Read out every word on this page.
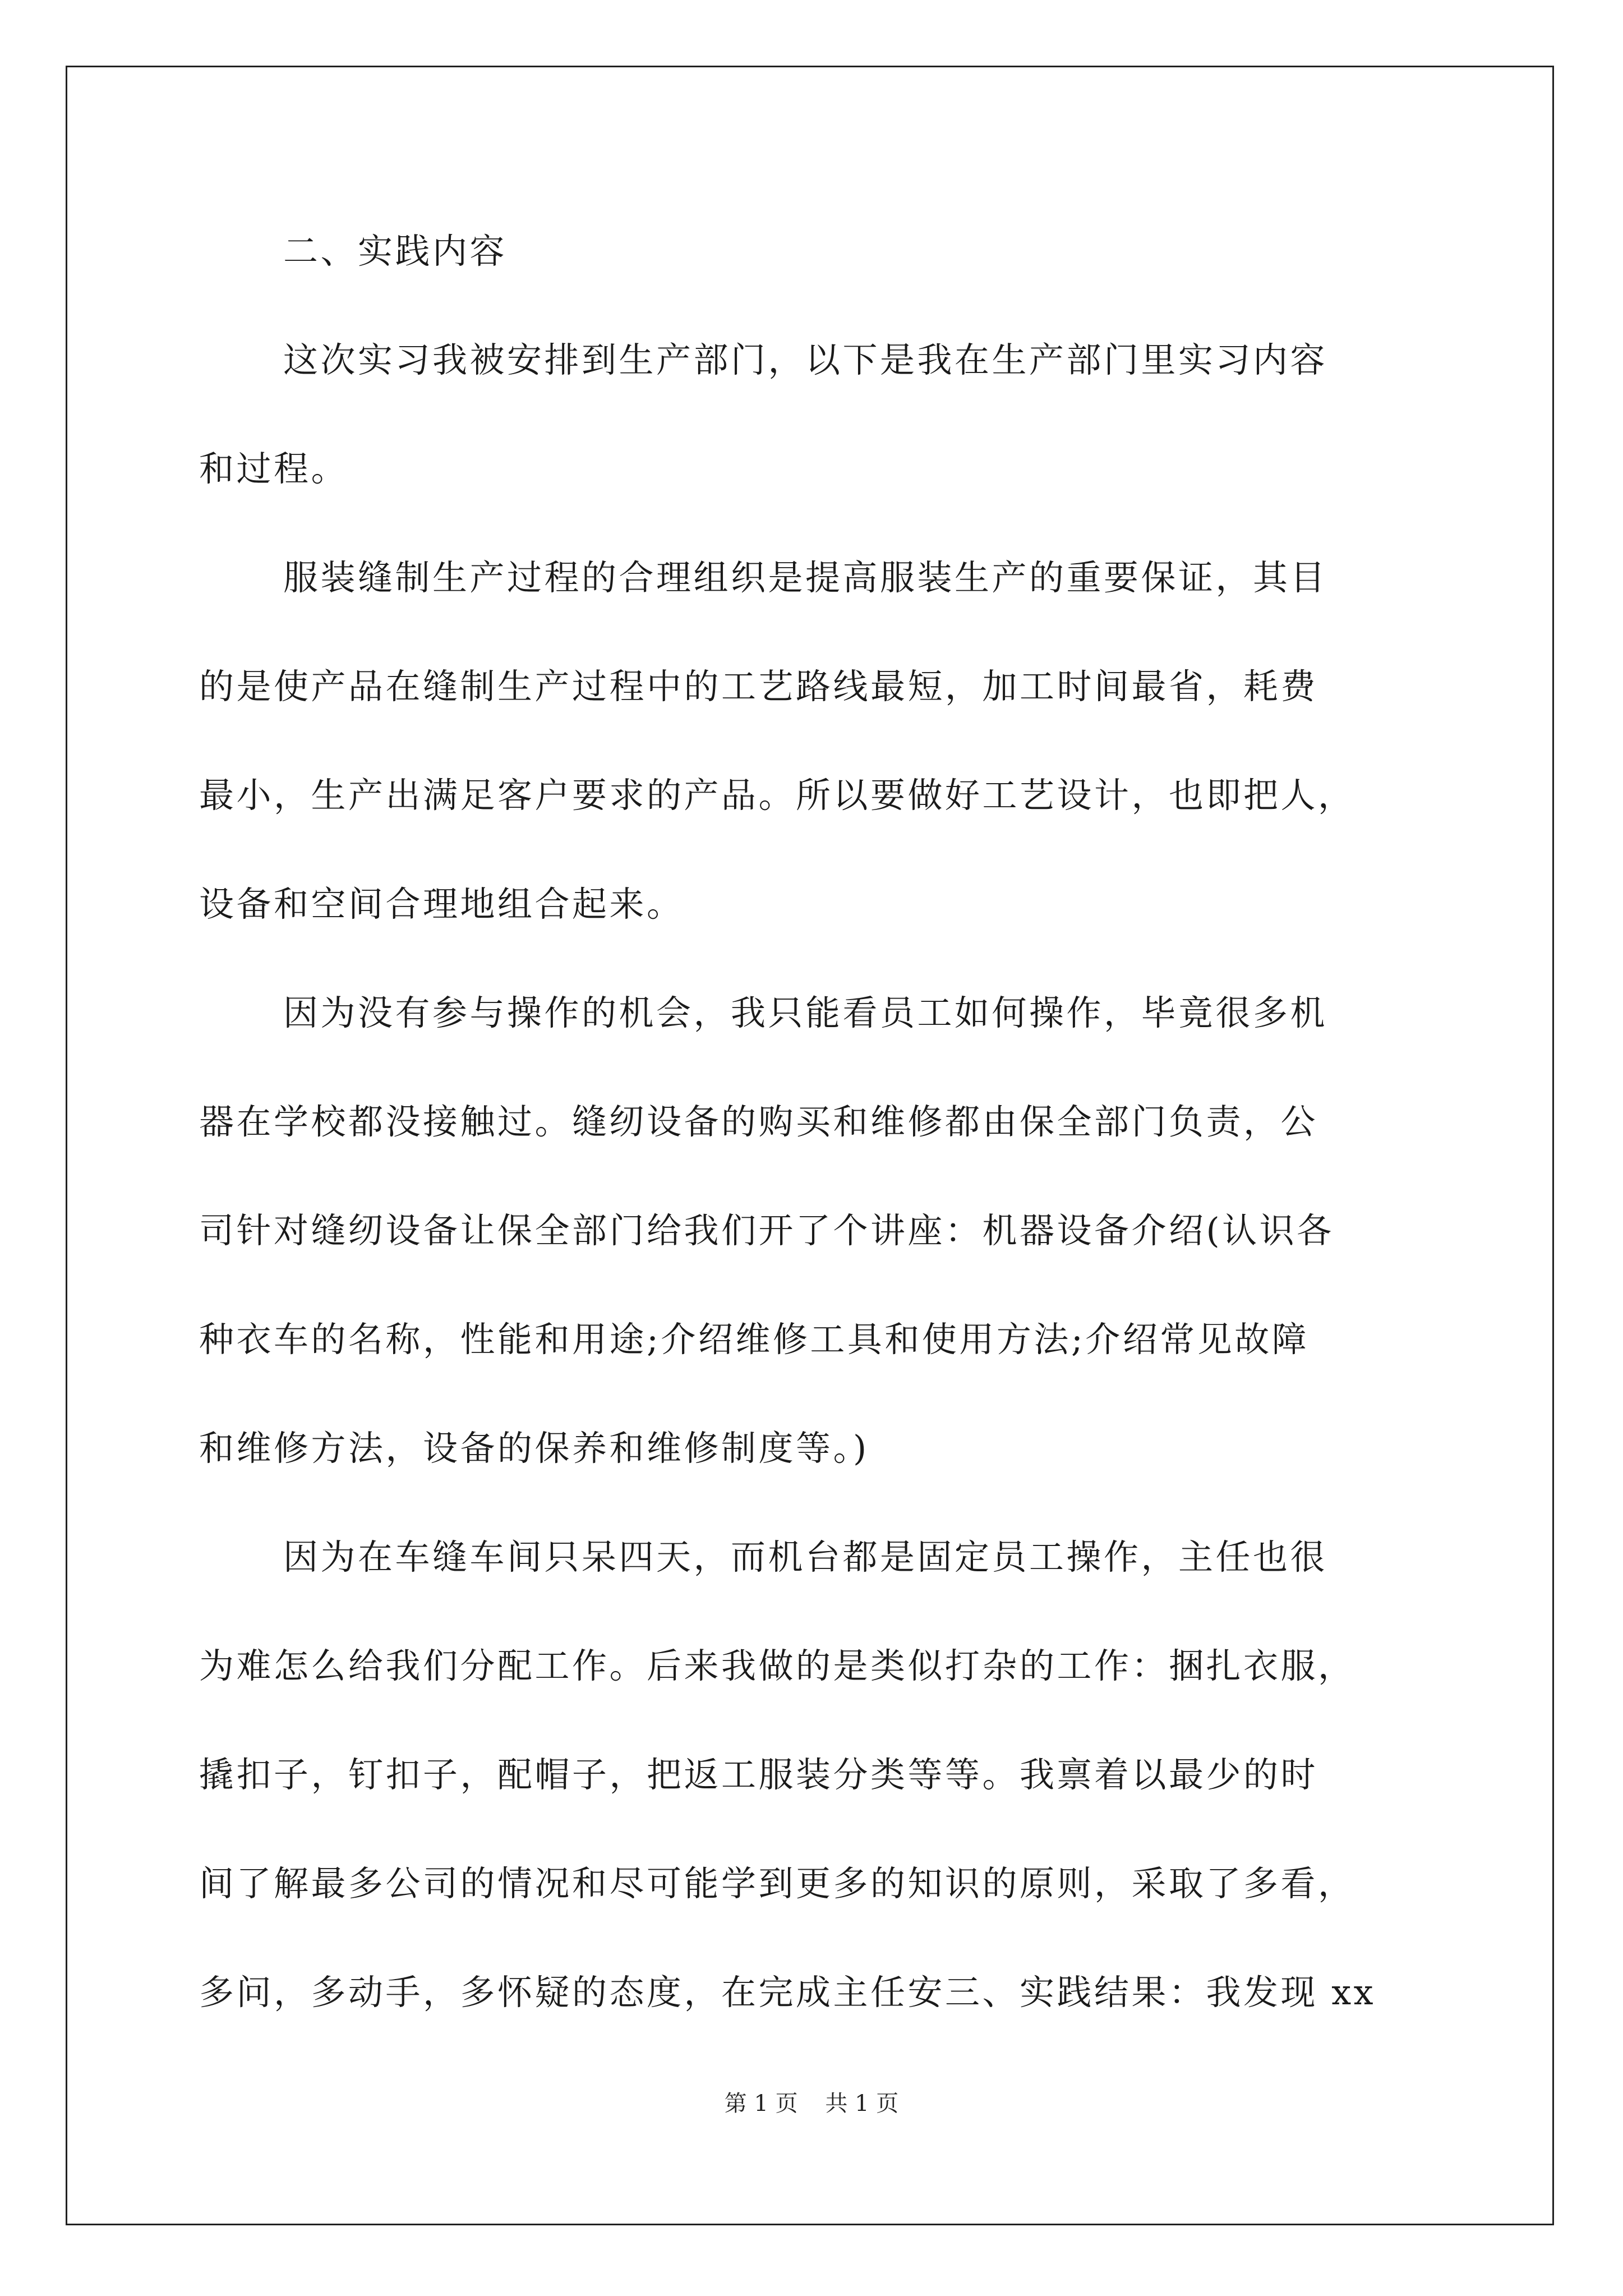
二、实践内容
这次实习我被安排到生产部门，以下是我在生产部门里实习内容
和过程。
服装缝制生产过程的合理组织是提高服装生产的重要保证，其目
的是使产品在缝制生产过程中的工艺路线最短，加工时间最省，耗费
最小，生产出满足客户要求的产品。所以要做好工艺设计，也即把人，
设备和空间合理地组合起来。
因为没有参与操作的机会，我只能看员工如何操作，毕竟很多机
器在学校都没接触过。缝纫设备的购买和维修都由保全部门负责，公
司针对缝纫设备让保全部门给我们开了个讲座：机器设备介绍(认识各
种衣车的名称，性能和用途;介绍维修工具和使用方法;介绍常见故障
和维修方法，设备的保养和维修制度等。)
因为在车缝车间只呆四天，而机台都是固定员工操作，主任也很
为难怎么给我们分配工作。后来我做的是类似打杂的工作：捆扎衣服，
撬扣子，钉扣子，配帽子，把返工服装分类等等。我禀着以最少的时
间了解最多公司的情况和尽可能学到更多的知识的原则，采取了多看，
多问，多动手，多怀疑的态度，在完成主任安三、实践结果：我发现 xx
第 1 页 共 1 页
